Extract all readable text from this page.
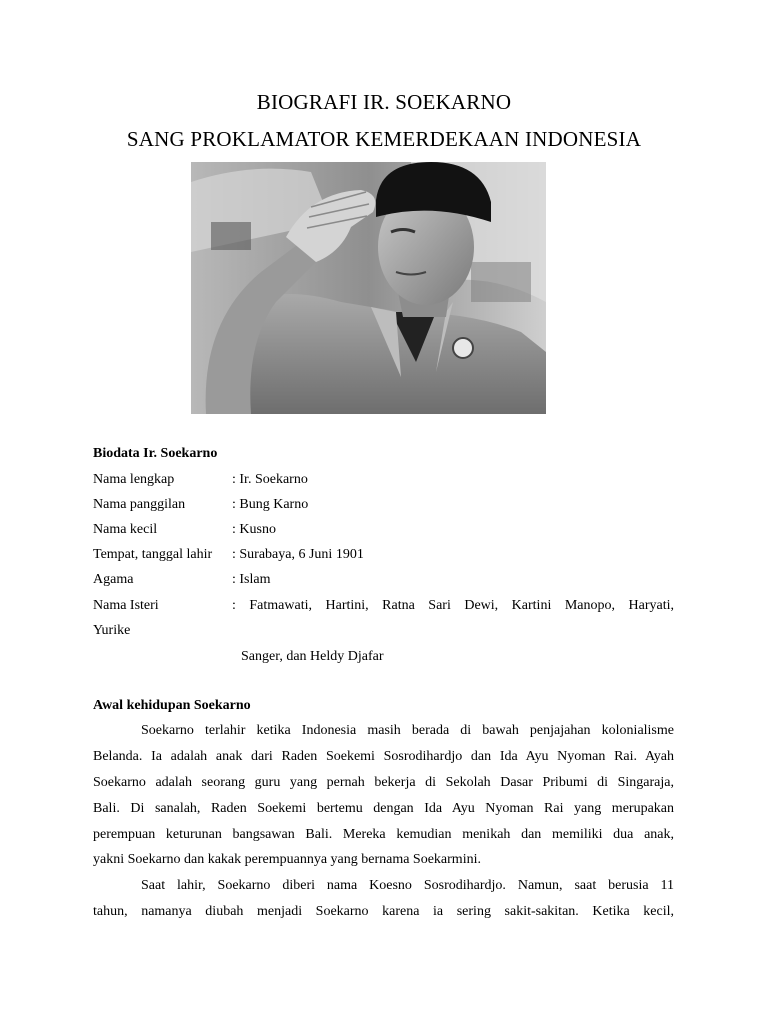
BIOGRAFI IR. SOEKARNO
SANG PROKLAMATOR KEMERDEKAAN INDONESIA
Biodata Ir. Soekarno
Nama lengkap	: Ir. Soekarno
Nama panggilan	: Bung Karno
Nama kecil	: Kusno
Tempat, tanggal lahir : Surabaya, 6 Juni 1901
Agama	: Islam
Nama Isteri	:  Fatmawati,  Hartini,  Ratna  Sari  Dewi,  Kartini  Manopo,  Haryati,
Yurike
Sanger, dan Heldy Djafar
Awal kehidupan Soekarno
Soekarno terlahir ketika Indonesia masih berada di bawah penjajahan kolonialisme
Belanda. Ia adalah anak dari Raden Soekemi Sosrodihardjo dan Ida Ayu Nyoman Rai. Ayah
Soekarno adalah seorang guru yang pernah bekerja di Sekolah Dasar Pribumi di Singaraja,
Bali. Di sanalah, Raden Soekemi bertemu dengan Ida Ayu Nyoman Rai yang merupakan
perempuan keturunan bangsawan Bali. Mereka kemudian menikah dan memiliki dua anak,
yakni Soekarno dan kakak perempuannya yang bernama Soekarmini.
Saat lahir, Soekarno diberi nama Koesno Sosrodihardjo. Namun, saat berusia 11
tahun, namanya diubah menjadi Soekarno karena ia sering sakit-sakitan. Ketika kecil,
